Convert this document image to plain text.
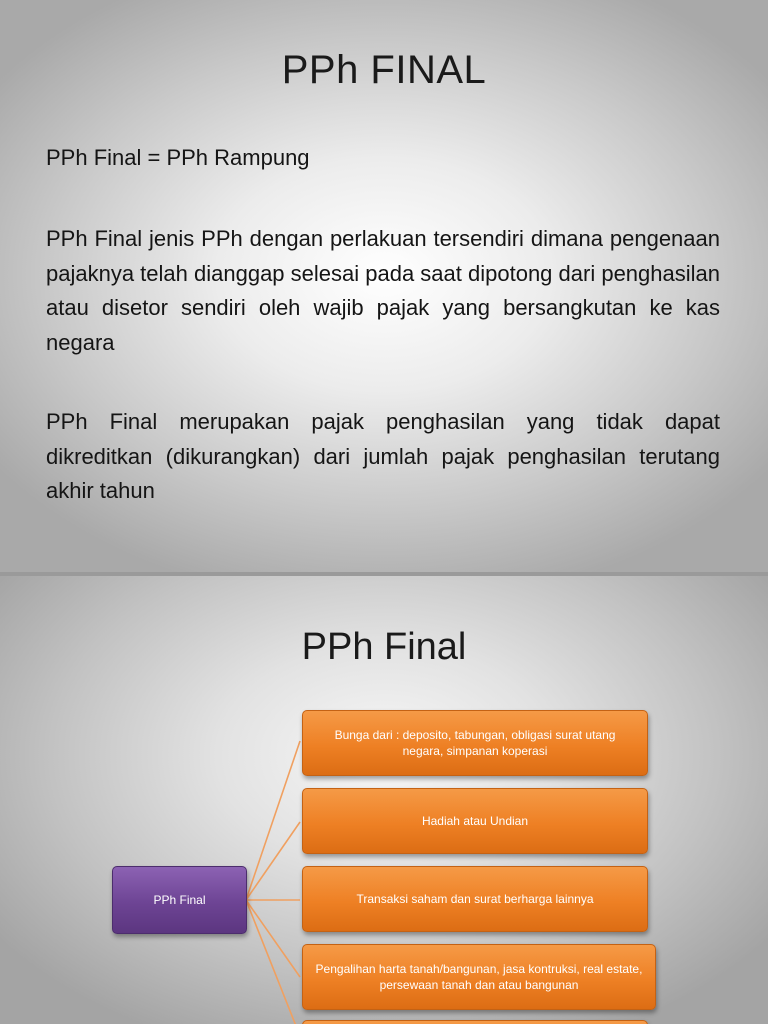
PPh FINAL

PPh Final = PPh Rampung

PPh Final jenis PPh dengan perlakuan tersendiri dimana pengenaan pajaknya telah dianggap selesai pada saat dipotong dari penghasilan atau disetor sendiri oleh wajib pajak yang bersangkutan ke kas negara

PPh Final merupakan pajak penghasilan yang tidak dapat dikreditkan (dikurangkan) dari jumlah pajak penghasilan terutang akhir tahun

PPh Final
PPh Final
Bunga dari : deposito, tabungan, obligasi surat utang negara, simpanan koperasi
Hadiah atau Undian
Transaksi saham dan surat berharga lainnya
Pengalihan harta tanah/bangunan, jasa kontruksi, real estate, persewaan tanah dan atau bangunan
